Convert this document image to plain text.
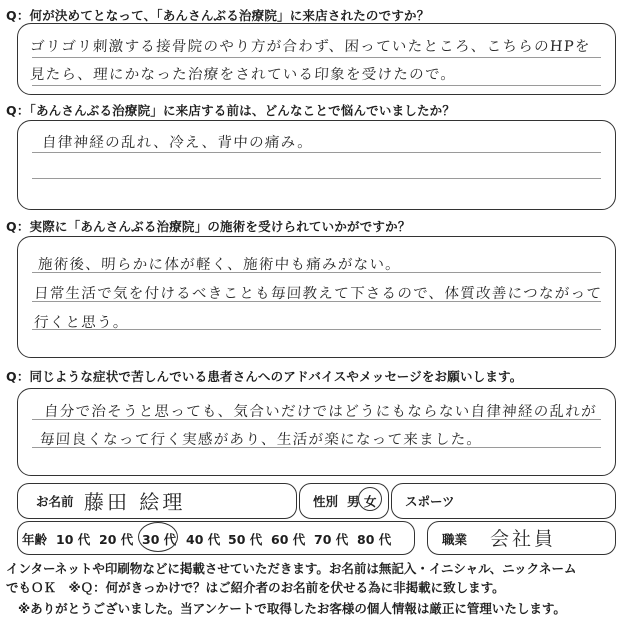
Q：何が決めてとなって、「あんさんぶる治療院」に来店されたのですか？
ゴリゴリ刺激する接骨院のやり方が合わず、困っていたところ、こちらのHPを
見たら、理にかなった治療をされている印象を受けたので。
Q：「あんさんぶる治療院」に来店する前は、どんなことで悩んでいましたか？
自律神経の乱れ、冷え、背中の痛み。
Q：実際に「あんさんぶる治療院」の施術を受けられていかがですか？
施術後、明らかに体が軽く、施術中も痛みがない。
日常生活で気を付けるべきことも毎回教えて下さるので、体質改善につながって
行くと思う。
Q：同じような症状で苦しんでいる患者さんへのアドバイスやメッセージをお願いします。
自分で治そうと思っても、気合いだけではどうにもならない自律神経の乱れが
毎回良くなって行く実感があり、生活が楽になって来ました。
お名前 藤田 絵理	性別 男 女 スポーツ
年齢 10 代 20 代 30 代 40 代 50 代 60 代 70 代 80 代	職業 会社員
インターネットや印刷物などに掲載させていただきます。お名前は無記入・イニシャル、ニックネーム
でもＯＫ　※Ｑ：何がきっかけで？はご紹介者のお名前を伏せる為に非掲載に致します。
※ありがとうございました。当アンケートで取得したお客様の個人情報は厳正に管理いたします。
